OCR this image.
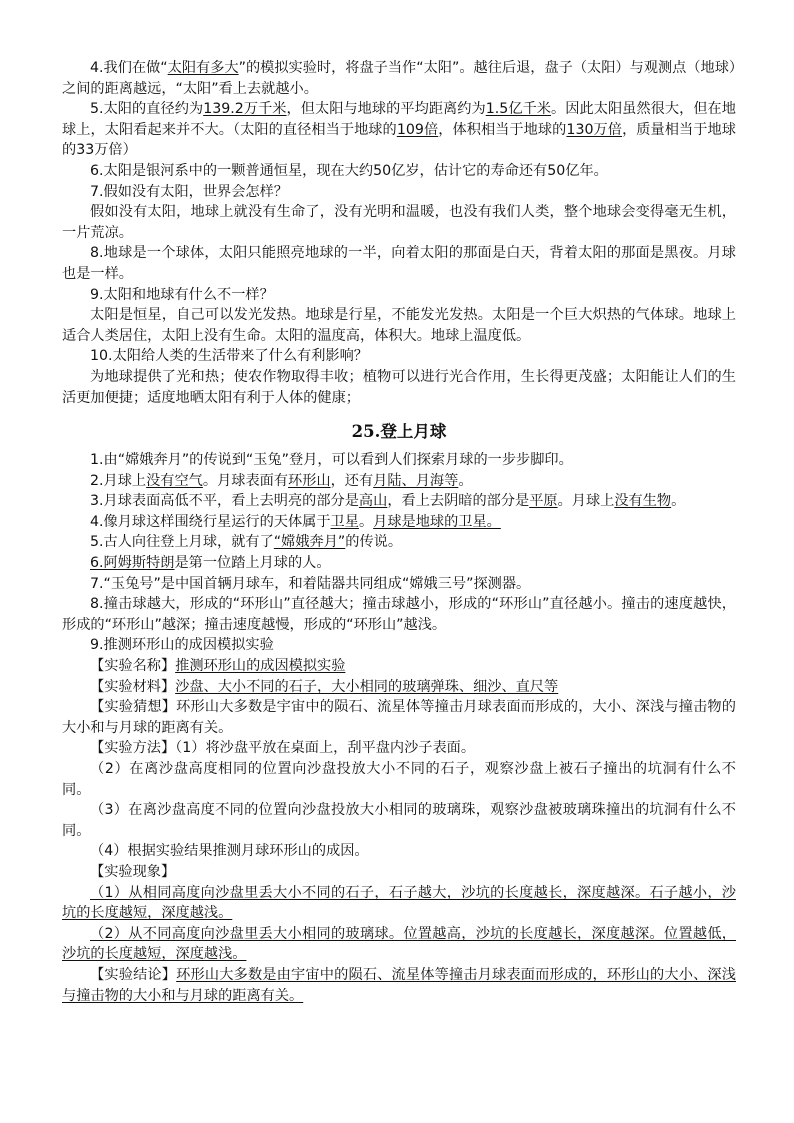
4.我们在做“太阳有多大”的模拟实验时，将盘子当作“太阳”。越往后退，盘子（太阳）与观测点（地球）之间的距离越远，“太阳”看上去就越小。

5.太阳的直径约为139.2万千米，但太阳与地球的平均距离约为1.5亿千米。因此太阳虽然很大，但在地球上，太阳看起来并不大。（太阳的直径相当于地球的109倍，体积相当于地球的130万倍，质量相当于地球的33万倍）

6.太阳是银河系中的一颗普通恒星，现在大约50亿岁，估计它的寿命还有50亿年。

7.假如没有太阳，世界会怎样？

假如没有太阳，地球上就没有生命了，没有光明和温暖，也没有我们人类，整个地球会变得毫无生机，一片荒凉。

8.地球是一个球体，太阳只能照亮地球的一半，向着太阳的那面是白天，背着太阳的那面是黑夜。月球也是一样。

9.太阳和地球有什么不一样？

太阳是恒星，自己可以发光发热。地球是行星，不能发光发热。太阳是一个巨大炽热的气体球。地球上适合人类居住，太阳上没有生命。太阳的温度高，体积大。地球上温度低。

10.太阳给人类的生活带来了什么有利影响？

为地球提供了光和热；使农作物取得丰收；植物可以进行光合作用，生长得更茂盛；太阳能让人们的生活更加便捷；适度地晒太阳有利于人体的健康；

25.登上月球

1.由“嫦娥奔月”的传说到“玉兔”登月，可以看到人们探索月球的一步步脚印。

2.月球上没有空气。月球表面有环形山，还有月陆、月海等。

3.月球表面高低不平，看上去明亮的部分是高山，看上去阴暗的部分是平原。月球上没有生物。

4.像月球这样围绕行星运行的天体属于卫星。月球是地球的卫星。

5.古人向往登上月球，就有了“嫦娥奔月”的传说。

6.阿姆斯特朗是第一位踏上月球的人。

7.“玉兔号”是中国首辆月球车，和着陆器共同组成“嫦娥三号”探测器。

8.撞击球越大，形成的“环形山”直径越大；撞击球越小，形成的“环形山”直径越小。撞击的速度越快，形成的“环形山”越深；撞击速度越慢，形成的“环形山”越浅。

9.推测环形山的成因模拟实验

【实验名称】推测环形山的成因模拟实验

【实验材料】沙盘、大小不同的石子，大小相同的玻璃弹珠、细沙、直尺等

【实验猜想】环形山大多数是宇宙中的陨石、流星体等撞击月球表面而形成的，大小、深浅与撞击物的大小和与月球的距离有关。

【实验方法】（1）将沙盘平放在桌面上，刮平盘内沙子表面。

（2）在离沙盘高度相同的位置向沙盘投放大小不同的石子，观察沙盘上被石子撞出的坑洞有什么不同。

（3）在离沙盘高度不同的位置向沙盘投放大小相同的玻璃珠，观察沙盘被玻璃珠撞出的坑洞有什么不同。

（4）根据实验结果推测月球环形山的成因。

【实验现象】

（1）从相同高度向沙盘里丢大小不同的石子，石子越大，沙坑的长度越长，深度越深。石子越小，沙坑的长度越短，深度越浅。

（2）从不同高度向沙盘里丢大小相同的玻璃球。位置越高，沙坑的长度越长，深度越深。位置越低，沙坑的长度越短，深度越浅。

【实验结论】环形山大多数是由宇宙中的陨石、流星体等撞击月球表面而形成的，环形山的大小、深浅与撞击物的大小和与月球的距离有关。
